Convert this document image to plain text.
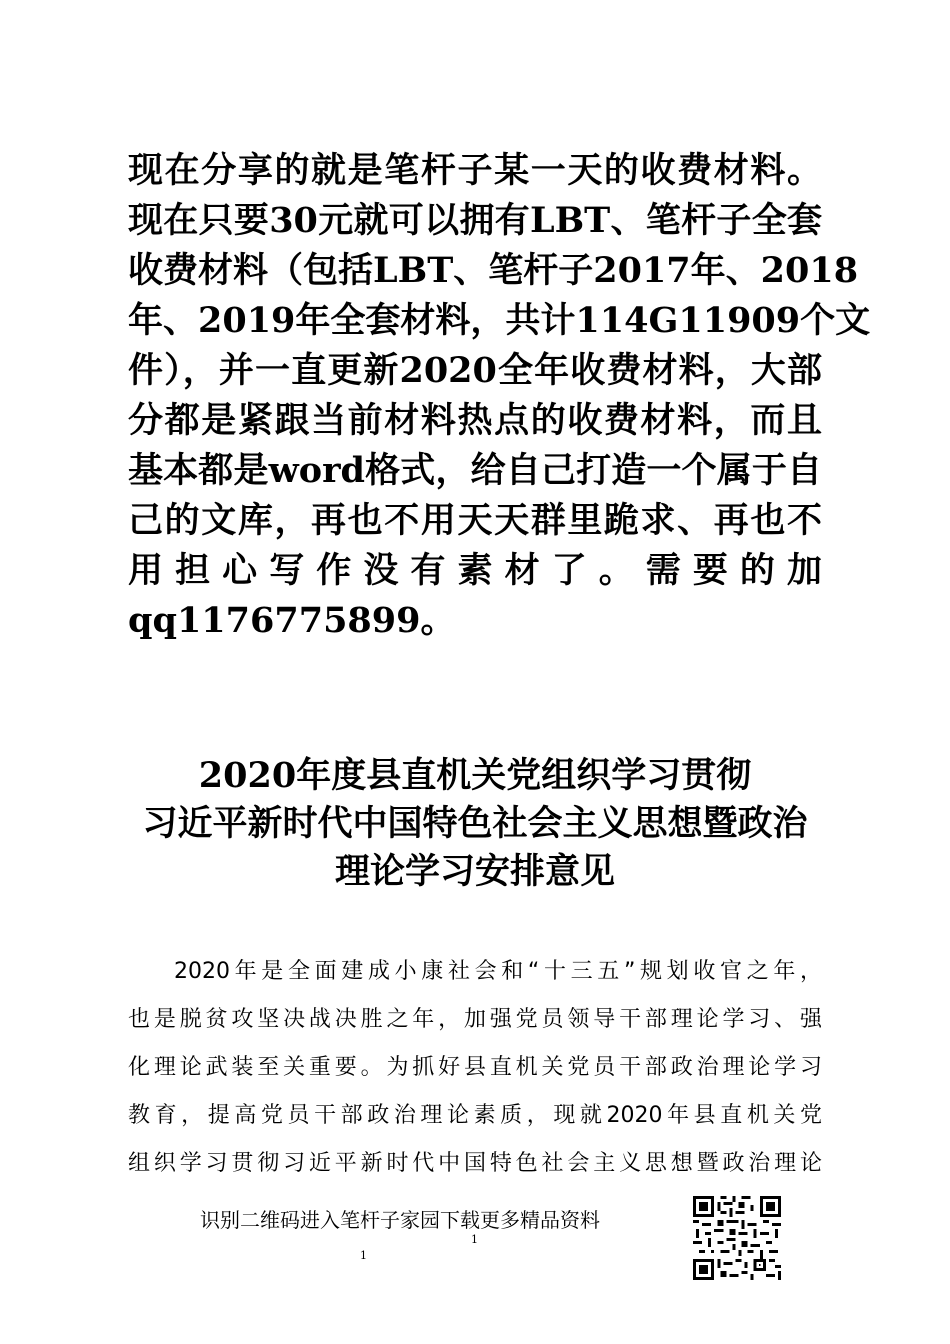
现在分享的就是笔杆子某一天的收费材料。
现在只要30元就可以拥有LBT、笔杆子全套
收费材料（包括LBT、笔杆子2017年、2018
年、2019年全套材料，共计114G11909个文
件），并一直更新2020全年收费材料，大部
分都是紧跟当前材料热点的收费材料，而且
基本都是word格式，给自己打造一个属于自
己的文库，再也不用天天群里跪求、再也不
用担心写作没有素材了。需要的加
qq1176775899。
2020年度县直机关党组织学习贯彻
习近平新时代中国特色社会主义思想暨政治
理论学习安排意见
2020年是全面建成小康社会和“十三五”规划收官之年，
也是脱贫攻坚决战决胜之年，加强党员领导干部理论学习、强
化理论武装至关重要。为抓好县直机关党员干部政治理论学习
教育，提高党员干部政治理论素质，现就2020年县直机关党
组织学习贯彻习近平新时代中国特色社会主义思想暨政治理论
识别二维码进入笔杆子家园下载更多精品资料
1
1
